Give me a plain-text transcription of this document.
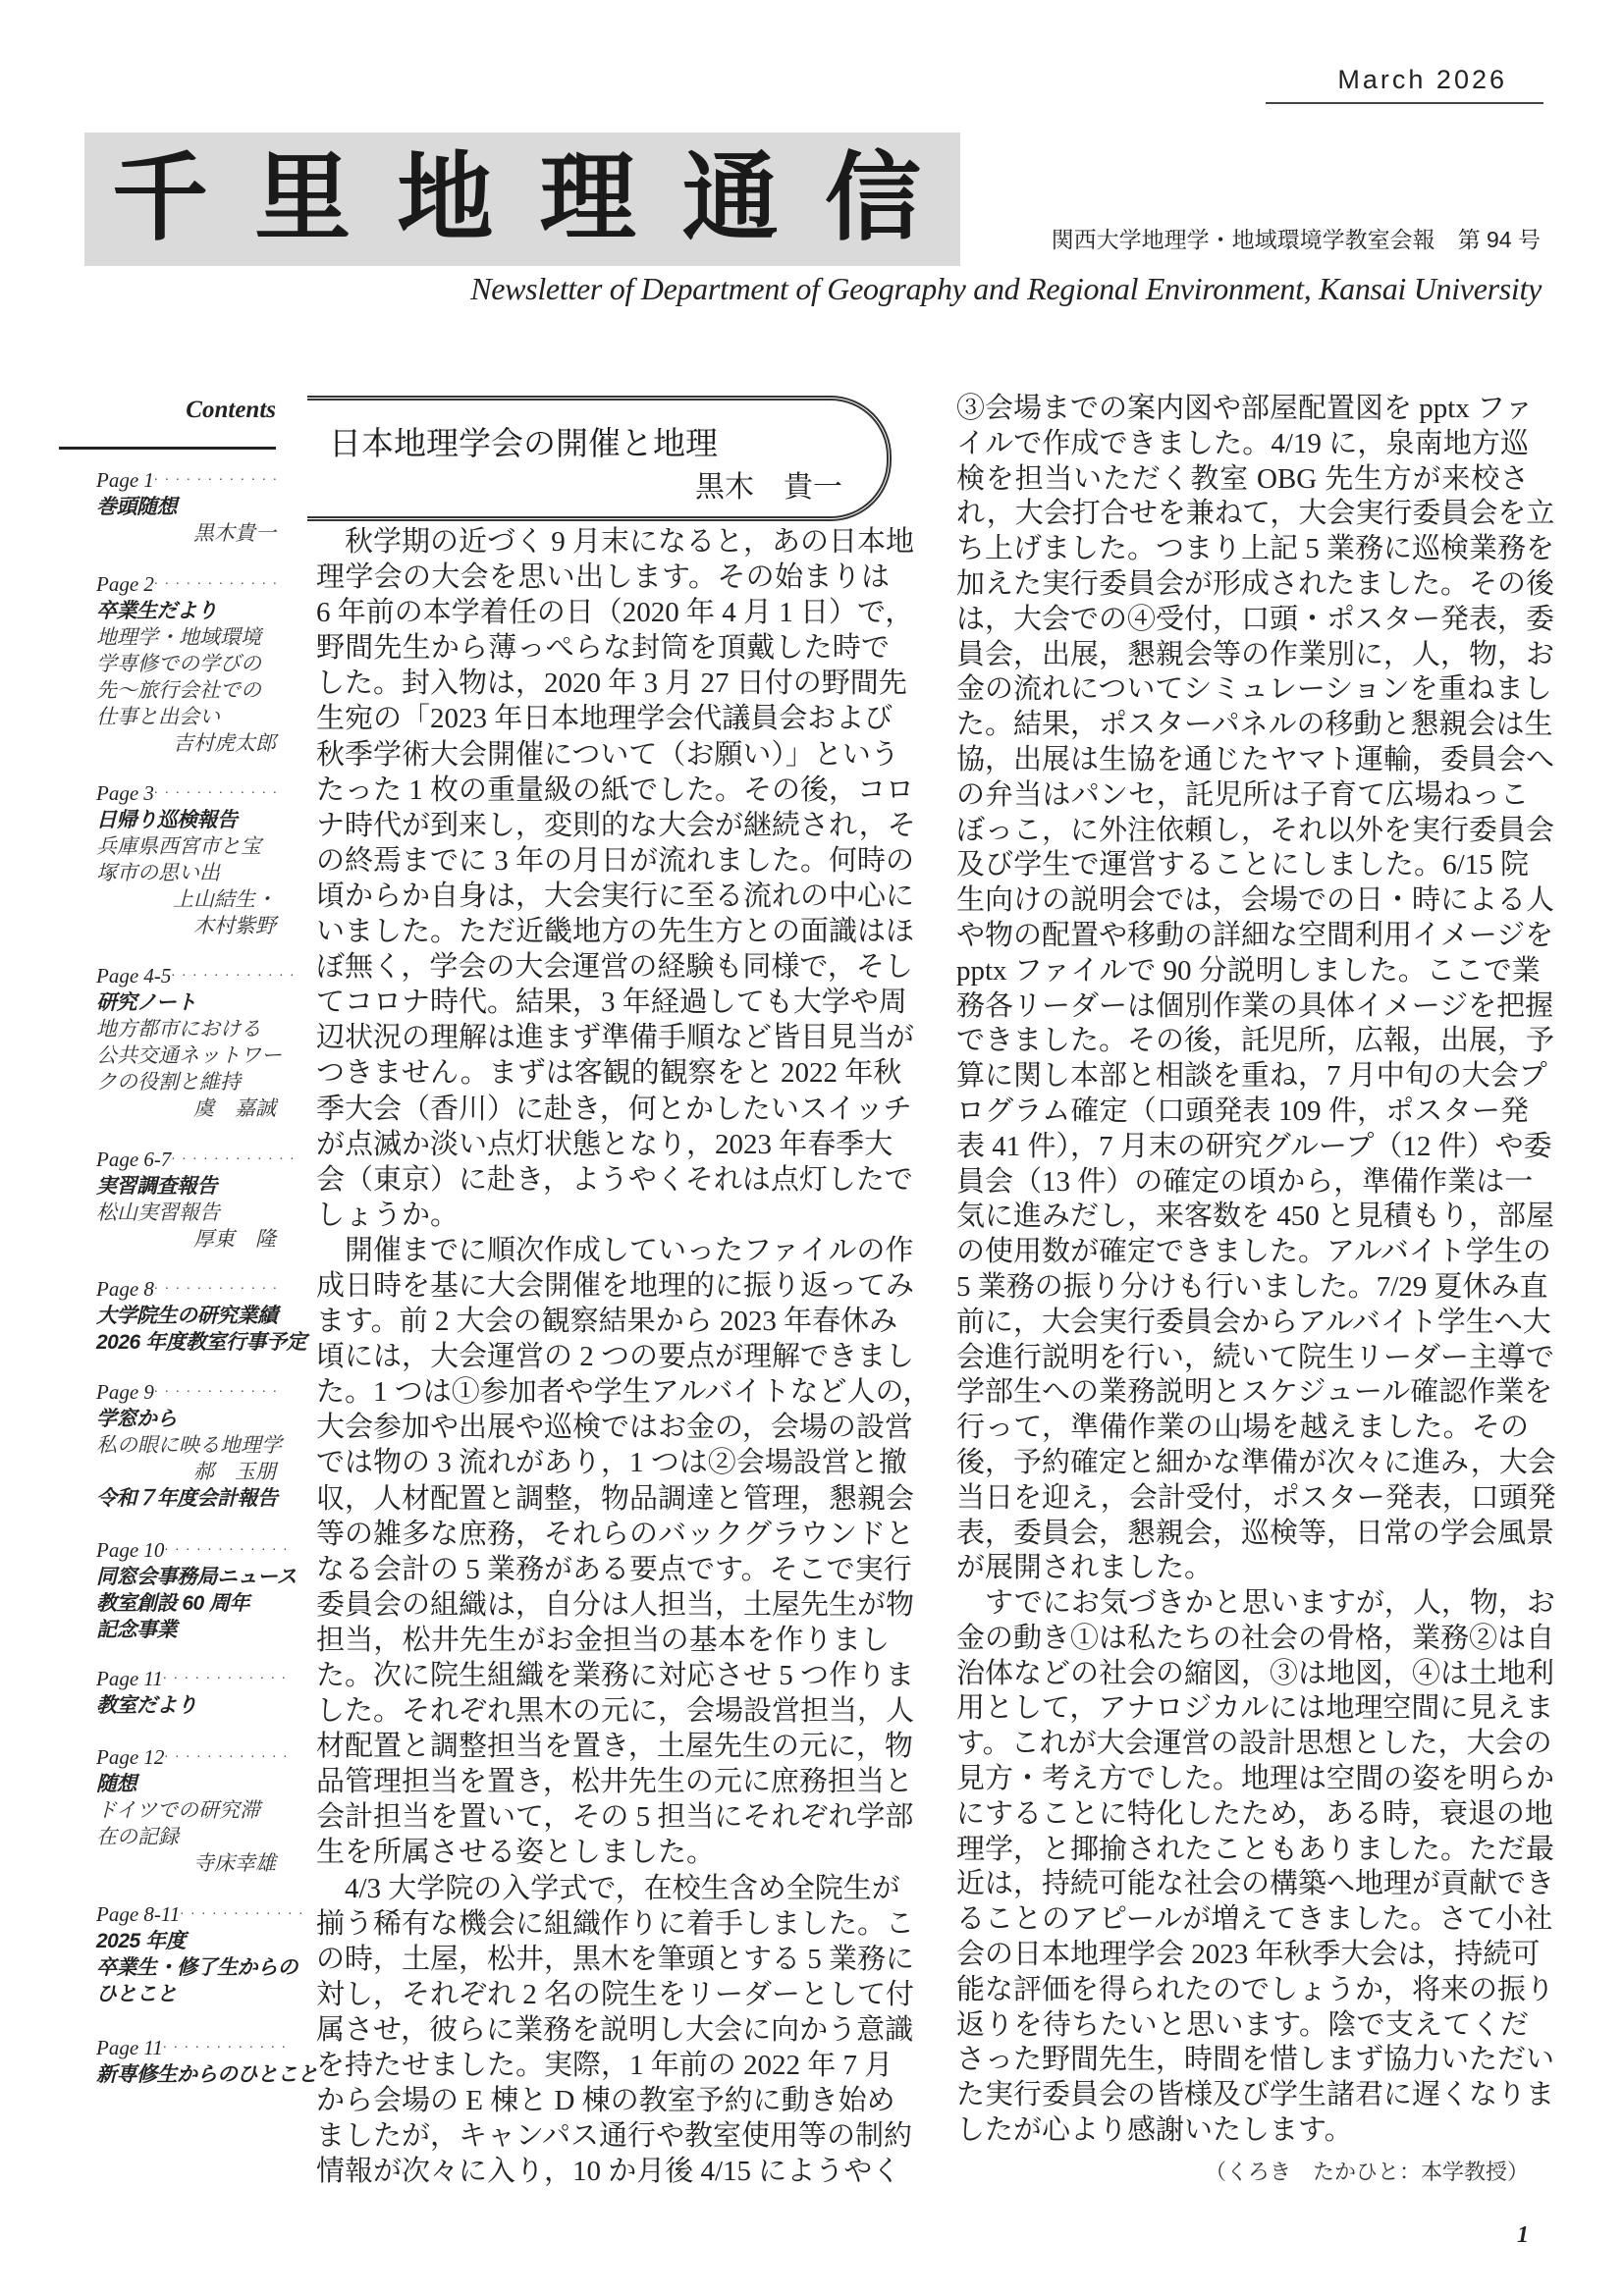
March 2026
千 里 地 理 通 信	関西大学地理学・地域環境学教室会報　第 94 号
Newsletter of Department of Geography and Regional Environment, Kansai University
Contents
Page 1 · · · · · · · · · · · ·
巻頭随想
黒木貴一
Page 2 · · · · · · · · · · · ·
卒業生だより
地理学・地域環境
学専修での学びの
先～旅行会社での
仕事と出会い
吉村虎太郎
Page 3 · · · · · · · · · · · ·
日帰り巡検報告
兵庫県西宮市と宝
塚市の思い出
上山結生・
木村紫野
Page 4-5 · · · · · · · · · · · ·
研究ノート
地方都市における
公共交通ネットワー
クの役割と維持
虞　嘉誠
Page 6-7 · · · · · · · · · · · ·
実習調査報告
松山実習報告
厚東　隆
Page 8 · · · · · · · · · · · ·
大学院生の研究業績
2026 年度教室行事予定
Page 9 · · · · · · · · · · · ·
学窓から
私の眼に映る地理学
郝　玉朋
令和７年度会計報告
Page 10 · · · · · · · · · · · ·
同窓会事務局ニュース
教室創設 60 周年
記念事業
Page 11 · · · · · · · · · · · ·
教室だより
Page 12 · · · · · · · · · · · ·
随想
ドイツでの研究滞
在の記録
寺床幸雄
Page 8-11 · · · · · · · · · · · ·
2025 年度
卒業生・修了生からの
ひとこと
Page 11 · · · · · · · · · · · ·
新専修生からのひとこと
日本地理学会の開催と地理
黒木　貴一
　秋学期の近づく 9 月末になると，あの日本地
理学会の大会を思い出します。その始まりは
6 年前の本学着任の日（2020 年 4 月 1 日）で，
野間先生から薄っぺらな封筒を頂戴した時で
した。封入物は，2020 年 3 月 27 日付の野間先
生宛の「2023 年日本地理学会代議員会および
秋季学術大会開催について（お願い）」という
たった 1 枚の重量級の紙でした。その後，コロ
ナ時代が到来し，変則的な大会が継続され，そ
の終焉までに 3 年の月日が流れました。何時の
頃からか自身は，大会実行に至る流れの中心に
いました。ただ近畿地方の先生方との面識はほ
ぼ無く，学会の大会運営の経験も同様で，そし
てコロナ時代。結果，3 年経過しても大学や周
辺状況の理解は進まず準備手順など皆目見当が
つきません。まずは客観的観察をと 2022 年秋
季大会（香川）に赴き，何とかしたいスイッチ
が点滅か淡い点灯状態となり，2023 年春季大
会（東京）に赴き，ようやくそれは点灯したで
しょうか。
　開催までに順次作成していったファイルの作
成日時を基に大会開催を地理的に振り返ってみ
ます。前 2 大会の観察結果から 2023 年春休み
頃には，大会運営の 2 つの要点が理解できまし
た。1 つは①参加者や学生アルバイトなど人の，
大会参加や出展や巡検ではお金の，会場の設営
では物の 3 流れがあり，1 つは②会場設営と撤
収，人材配置と調整，物品調達と管理，懇親会
等の雑多な庶務，それらのバックグラウンドと
なる会計の 5 業務がある要点です。そこで実行
委員会の組織は，自分は人担当，土屋先生が物
担当，松井先生がお金担当の基本を作りまし
た。次に院生組織を業務に対応させ 5 つ作りま
した。それぞれ黒木の元に，会場設営担当，人
材配置と調整担当を置き，土屋先生の元に，物
品管理担当を置き，松井先生の元に庶務担当と
会計担当を置いて，その 5 担当にそれぞれ学部
生を所属させる姿としました。
　4/3 大学院の入学式で，在校生含め全院生が
揃う稀有な機会に組織作りに着手しました。こ
の時，土屋，松井，黒木を筆頭とする 5 業務に
対し，それぞれ 2 名の院生をリーダーとして付
属させ，彼らに業務を説明し大会に向かう意識
を持たせました。実際，1 年前の 2022 年 7 月
から会場の E 棟と D 棟の教室予約に動き始め
ましたが，キャンパス通行や教室使用等の制約
情報が次々に入り，10 か月後 4/15 にようやく
③会場までの案内図や部屋配置図を pptx ファ
イルで作成できました。4/19 に，泉南地方巡
検を担当いただく教室 OBG 先生方が来校さ
れ，大会打合せを兼ねて，大会実行委員会を立
ち上げました。つまり上記 5 業務に巡検業務を
加えた実行委員会が形成されたました。その後
は，大会での④受付，口頭・ポスター発表，委
員会，出展，懇親会等の作業別に，人，物，お
金の流れについてシミュレーションを重ねまし
た。結果，ポスターパネルの移動と懇親会は生
協，出展は生協を通じたヤマト運輸，委員会へ
の弁当はパンセ，託児所は子育て広場ねっこ
ぼっこ，に外注依頼し，それ以外を実行委員会
及び学生で運営することにしました。6/15 院
生向けの説明会では，会場での日・時による人
や物の配置や移動の詳細な空間利用イメージを
pptx ファイルで 90 分説明しました。ここで業
務各リーダーは個別作業の具体イメージを把握
できました。その後，託児所，広報，出展，予
算に関し本部と相談を重ね，7 月中旬の大会プ
ログラム確定（口頭発表 109 件，ポスター発
表 41 件），7 月末の研究グループ（12 件）や委
員会（13 件）の確定の頃から，準備作業は一
気に進みだし，来客数を 450 と見積もり，部屋
の使用数が確定できました。アルバイト学生の
5 業務の振り分けも行いました。7/29 夏休み直
前に，大会実行委員会からアルバイト学生へ大
会進行説明を行い，続いて院生リーダー主導で
学部生への業務説明とスケジュール確認作業を
行って，準備作業の山場を越えました。その
後，予約確定と細かな準備が次々に進み，大会
当日を迎え，会計受付，ポスター発表，口頭発
表，委員会，懇親会，巡検等，日常の学会風景
が展開されました。
　すでにお気づきかと思いますが，人，物，お
金の動き①は私たちの社会の骨格，業務②は自
治体などの社会の縮図，③は地図，④は土地利
用として，アナロジカルには地理空間に見えま
す。これが大会運営の設計思想とした，大会の
見方・考え方でした。地理は空間の姿を明らか
にすることに特化したため，ある時，衰退の地
理学，と揶揄されたこともありました。ただ最
近は，持続可能な社会の構築へ地理が貢献でき
ることのアピールが増えてきました。さて小社
会の日本地理学会 2023 年秋季大会は，持続可
能な評価を得られたのでしょうか，将来の振り
返りを待ちたいと思います。陰で支えてくだ
さった野間先生，時間を惜しまず協力いただい
た実行委員会の皆様及び学生諸君に遅くなりま
したが心より感謝いたします。
（くろき　たかひと：本学教授）
1
